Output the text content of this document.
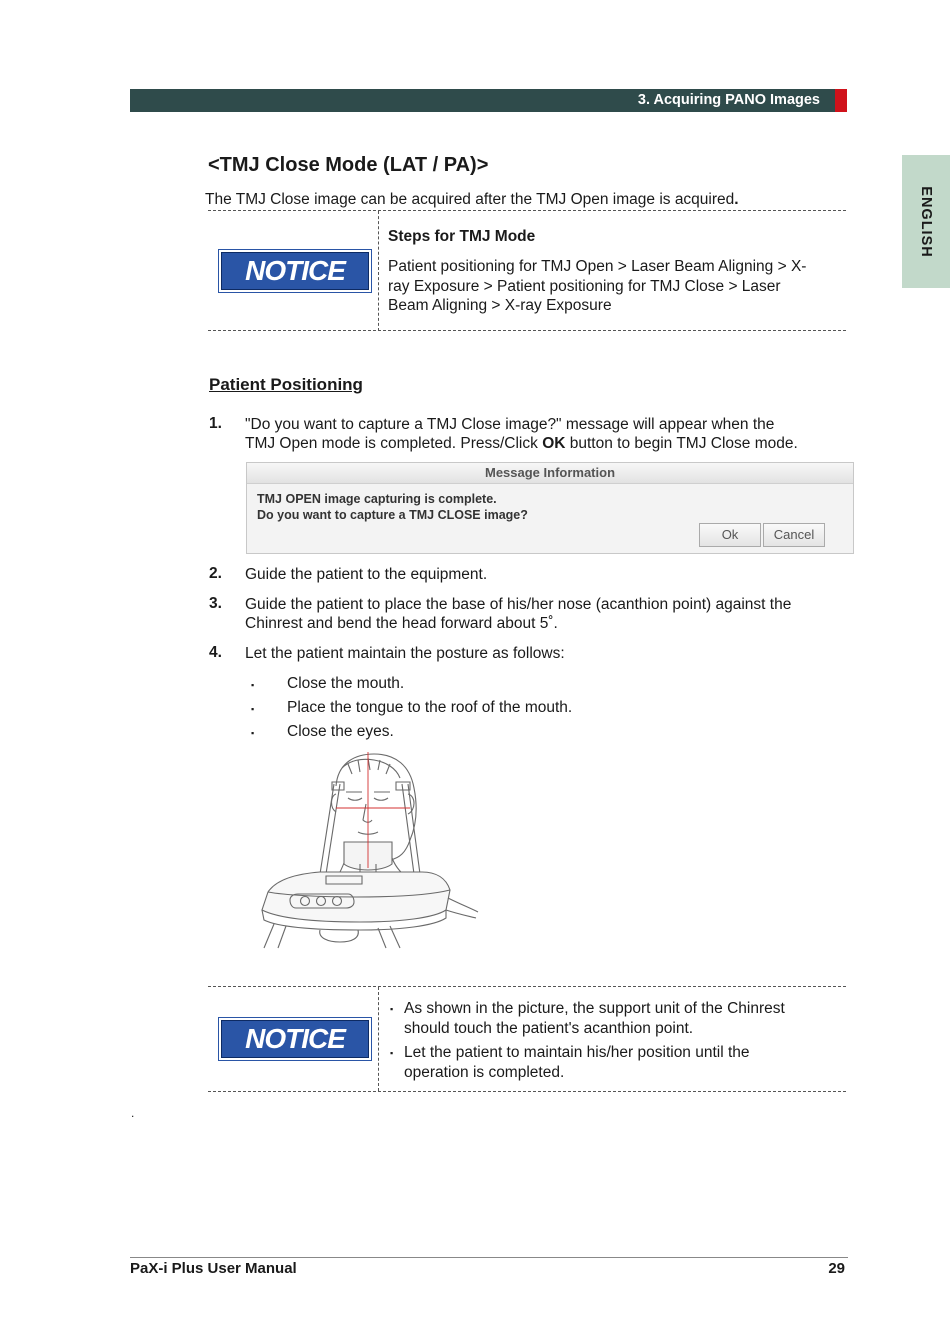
3. Acquiring PANO Images
ENGLISH
<TMJ Close Mode (LAT / PA)>
The TMJ Close image can be acquired after the TMJ Open image is acquired.
NOTICE
Steps for TMJ Mode
Patient positioning for TMJ Open > Laser Beam Aligning > X-
ray Exposure > Patient positioning for TMJ Close > Laser
Beam Aligning > X-ray Exposure
Patient Positioning
1. "Do you want to capture a TMJ Close image?" message will appear when the
TMJ Open mode is completed. Press/Click OK button to begin TMJ Close mode.
Message Information
TMJ OPEN image capturing is complete.
Do you want to capture a TMJ CLOSE image?
Ok	Cancel
2. Guide the patient to the equipment.
3. Guide the patient to place the base of his/her nose (acanthion point) against the
Chinrest and bend the head forward about 5˚.
4. Let the patient maintain the posture as follows:
▪ Close the mouth.
▪ Place the tongue to the roof of the mouth.
▪ Close the eyes.
NOTICE
▪ As shown in the picture, the support unit of the Chinrest
should touch the patient's acanthion point.
▪ Let the patient to maintain his/her position until the
operation is completed.
.
PaX-i Plus User Manual	29
